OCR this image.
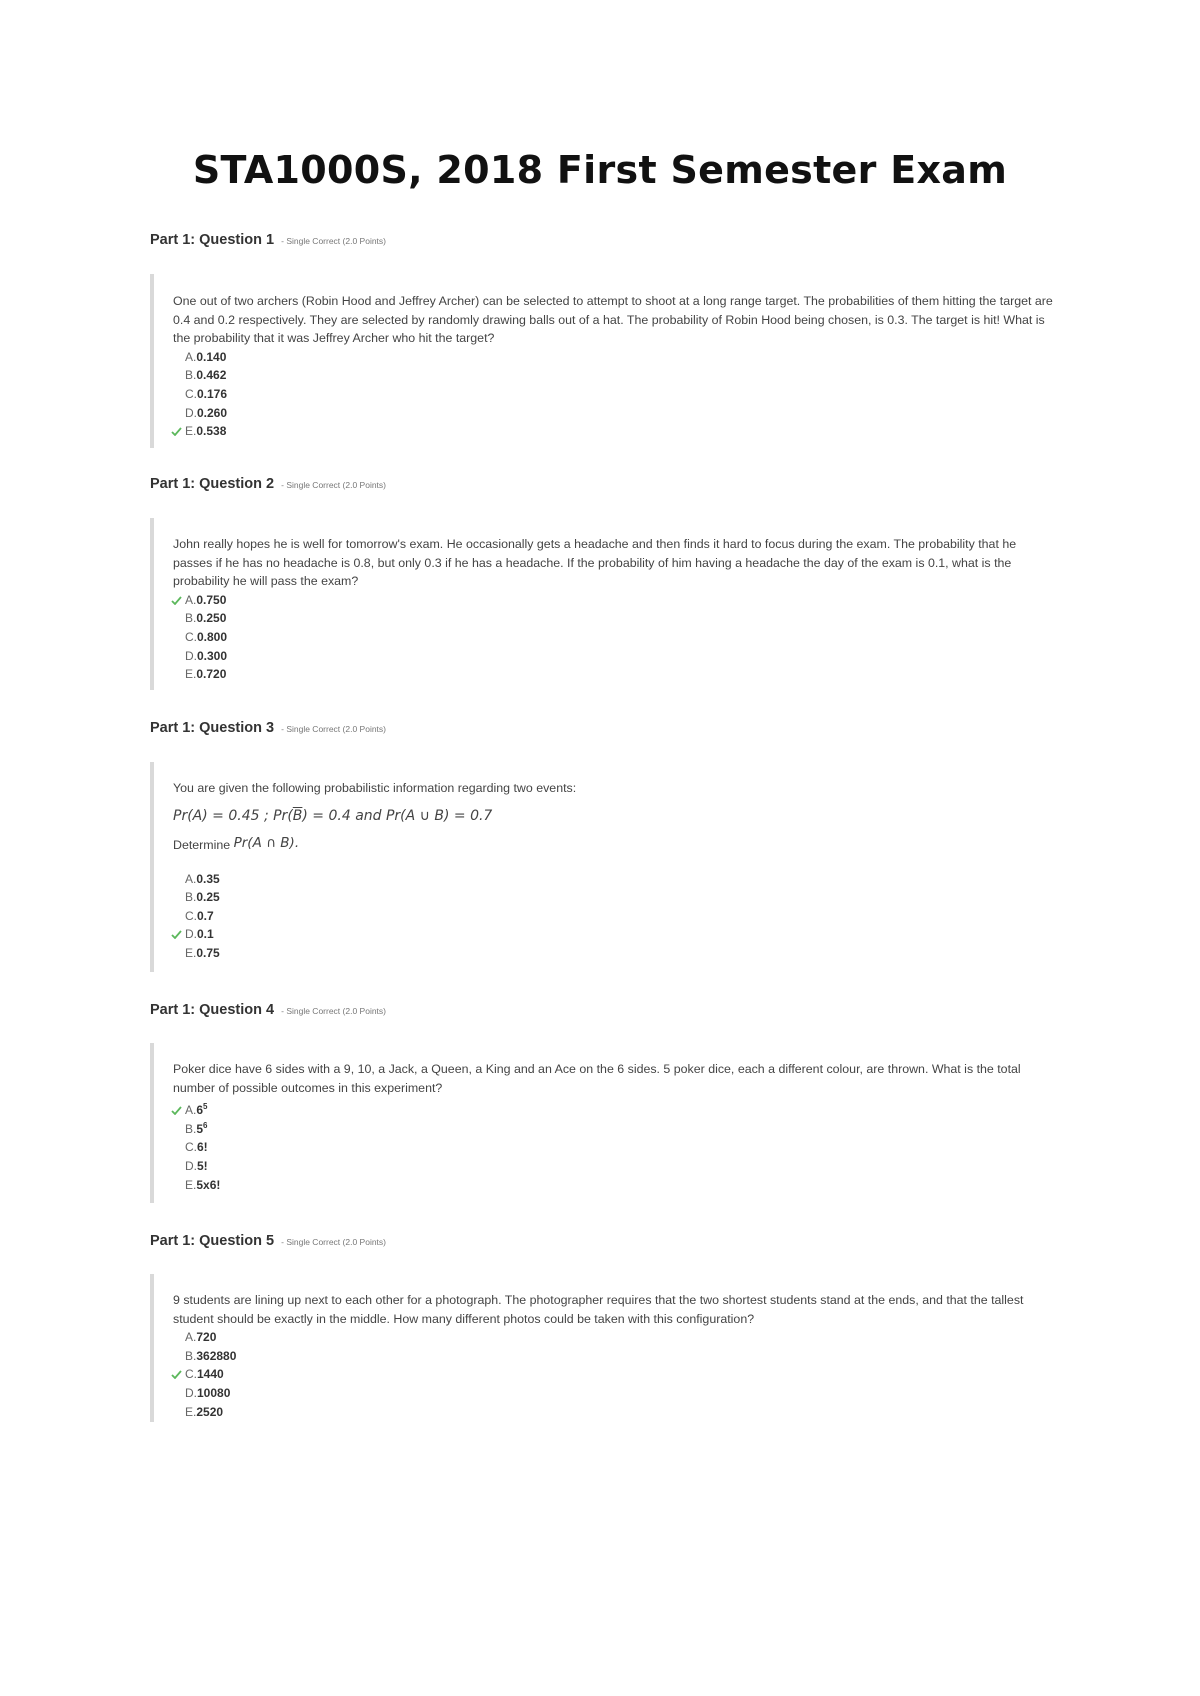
STA1000S, 2018 First Semester Exam
Part 1: Question 1 - Single Correct (2.0 Points)

One out of two archers (Robin Hood and Jeffrey Archer) can be selected to attempt to shoot at a long range target. The probabilities of them hitting the target are 0.4 and 0.2 respectively. They are selected by randomly drawing balls out of a hat. The probability of Robin Hood being chosen, is 0.3. The target is hit! What is the probability that it was Jeffrey Archer who hit the target?

A.0.140
B.0.462
C.0.176
D.0.260
E.0.538
Part 1: Question 2 - Single Correct (2.0 Points)

John really hopes he is well for tomorrow's exam. He occasionally gets a headache and then finds it hard to focus during the exam. The probability that he passes if he has no headache is 0.8, but only 0.3 if he has a headache. If the probability of him having a headache the day of the exam is 0.1, what is the probability he will pass the exam?

A.0.750
B.0.250
C.0.800
D.0.300
E.0.720
Part 1: Question 3 - Single Correct (2.0 Points)

You are given the following probabilistic information regarding two events:

Pr(A) = 0.45 ; $Pr(\overline{B}) = 0.4$ and Pr(A ∪ B) = 0.7
Determine Pr(A ∩ B).
A.0.35
B.0.25
C.0.7
D.0.1
E.0.75
Part 1: Question 4 - Single Correct (2.0 Points)

Poker dice have 6 sides with a 9, 10, a Jack, a Queen, a King and an Ace on the 6 sides. 5 poker dice, each a different colour, are thrown. What is the total number of possible outcomes in this experiment?

$A.6^5$
$B.5^6$
C.6!
D.5!
E.5x6!
Part 1: Question 5 - Single Correct (2.0 Points)

9 students are lining up next to each other for a photograph. The photographer requires that the two shortest students stand at the ends, and that the tallest student should be exactly in the middle. How many different photos could be taken with this configuration?

A.720
B.362880
C.1440
D.10080
E.2520
